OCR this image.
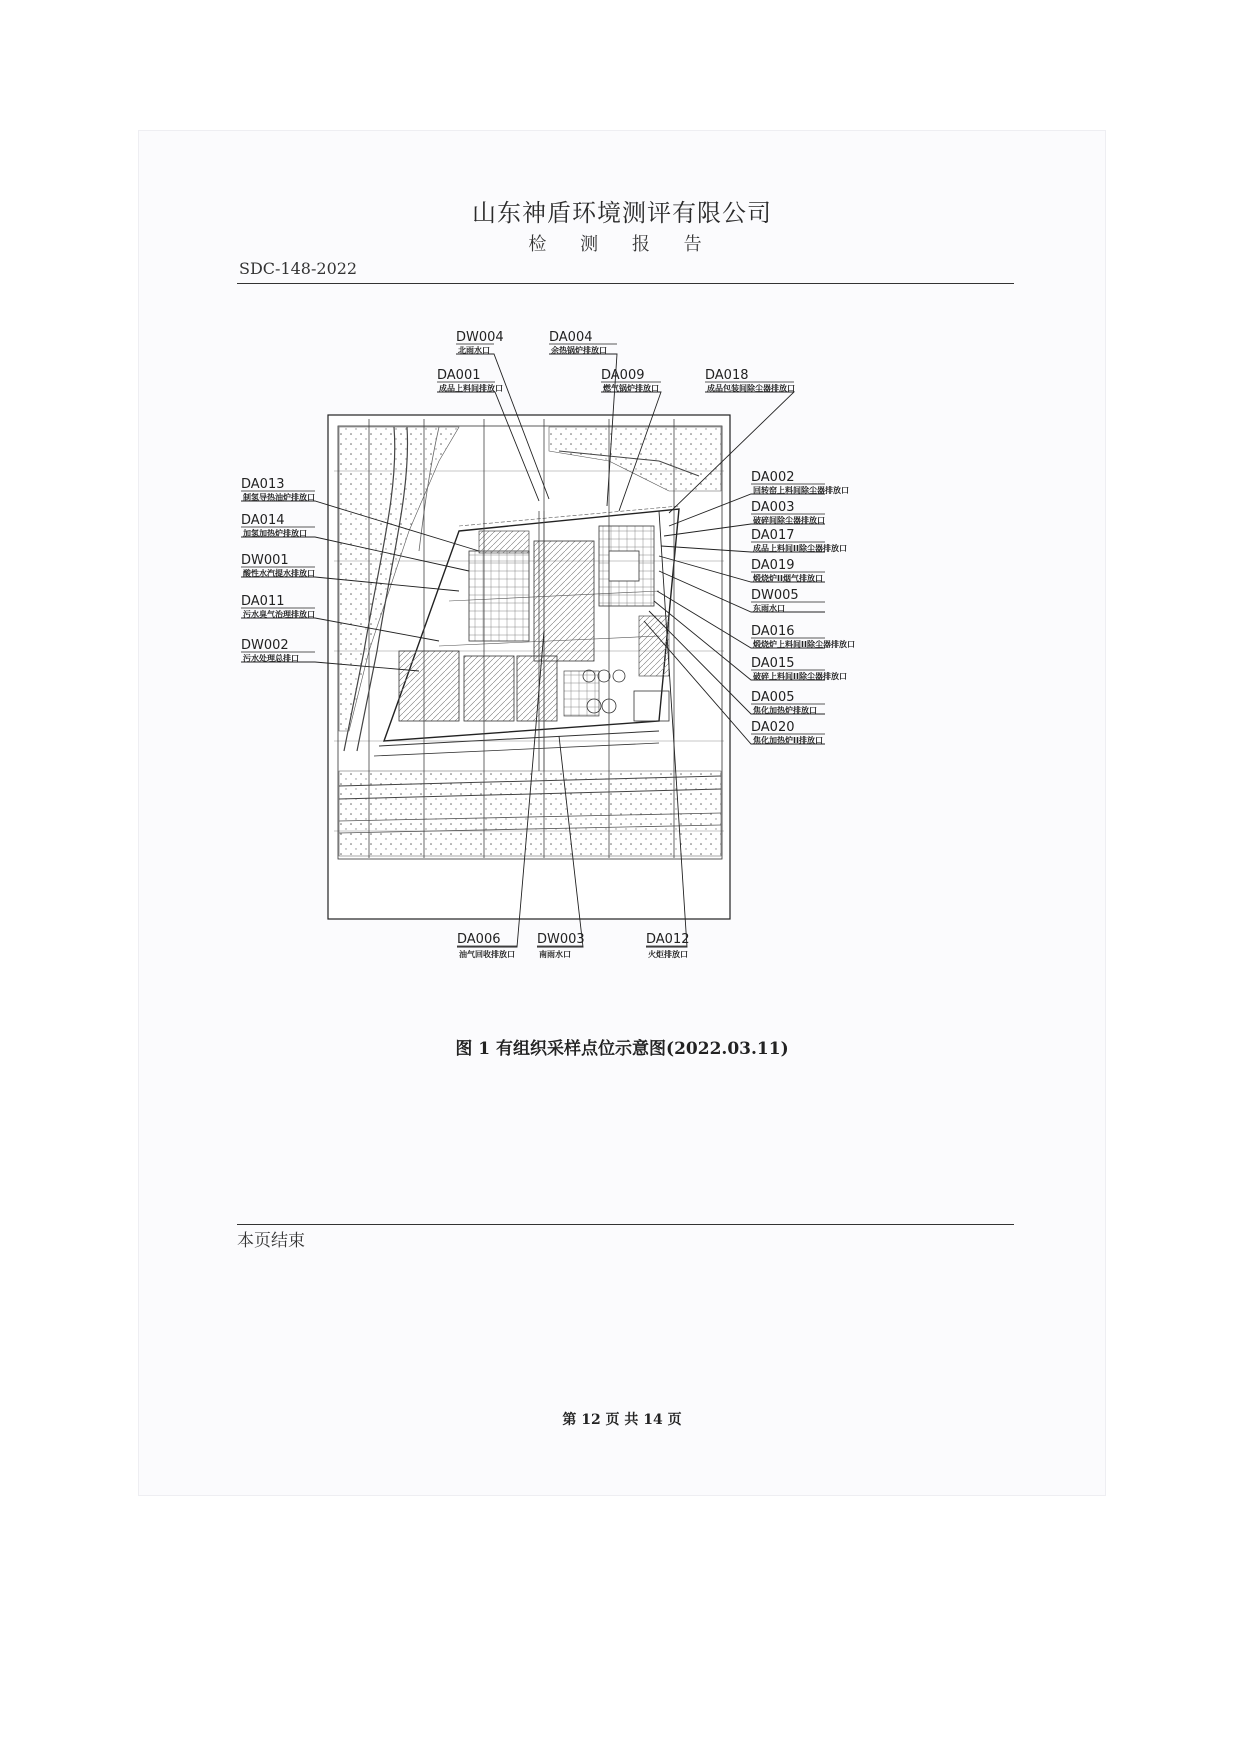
山东神盾环境测评有限公司
检 测 报 告
SDC-148-2022
DW004
北雨水口
DA004
余热锅炉排放口
DA001
成品上料间排放口
DA009
燃气锅炉排放口
DA018
成品包装间除尘器排放口
DA013
制氢导热油炉排放口
DA014
加氢加热炉排放口
DW001
酸性水汽提水排放口
DA011
污水臭气治理排放口
DW002
污水处理总排口
DA002
回转窑上料间除尘器排放口
DA003
破碎间除尘器排放口
DA017
成品上料间II除尘器排放口
DA019
煅烧炉II烟气排放口
DW005
东雨水口
DA016
煅烧炉上料间II除尘器排放口
DA015
破碎上料间II除尘器排放口
DA005
焦化加热炉排放口
DA020
焦化加热炉II排放口
DA006
油气回收排放口
DW003
南雨水口
DA012
火炬排放口
图 1 有组织采样点位示意图(2022.03.11)
本页结束
第 12 页 共 14 页
